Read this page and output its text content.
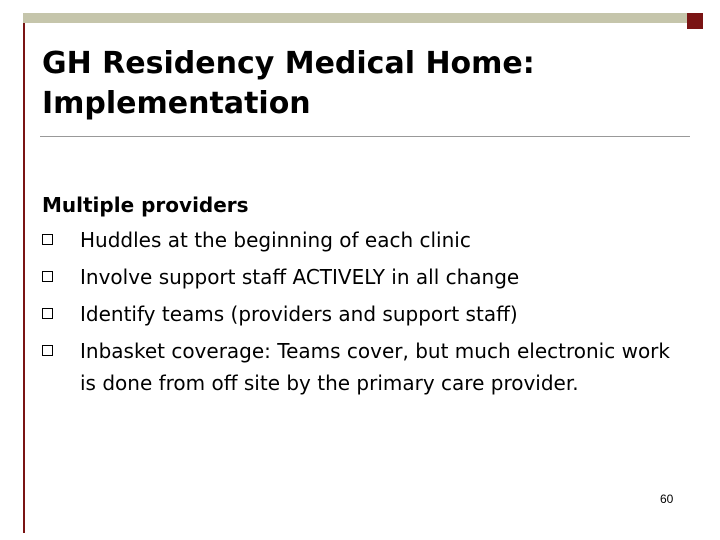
GH Residency Medical Home: Implementation
Multiple providers
Huddles at the beginning of each clinic
Involve support staff ACTIVELY in all change
Identify teams (providers and support staff)
Inbasket coverage: Teams cover, but much electronic work is done from off site by the primary care provider.
60
